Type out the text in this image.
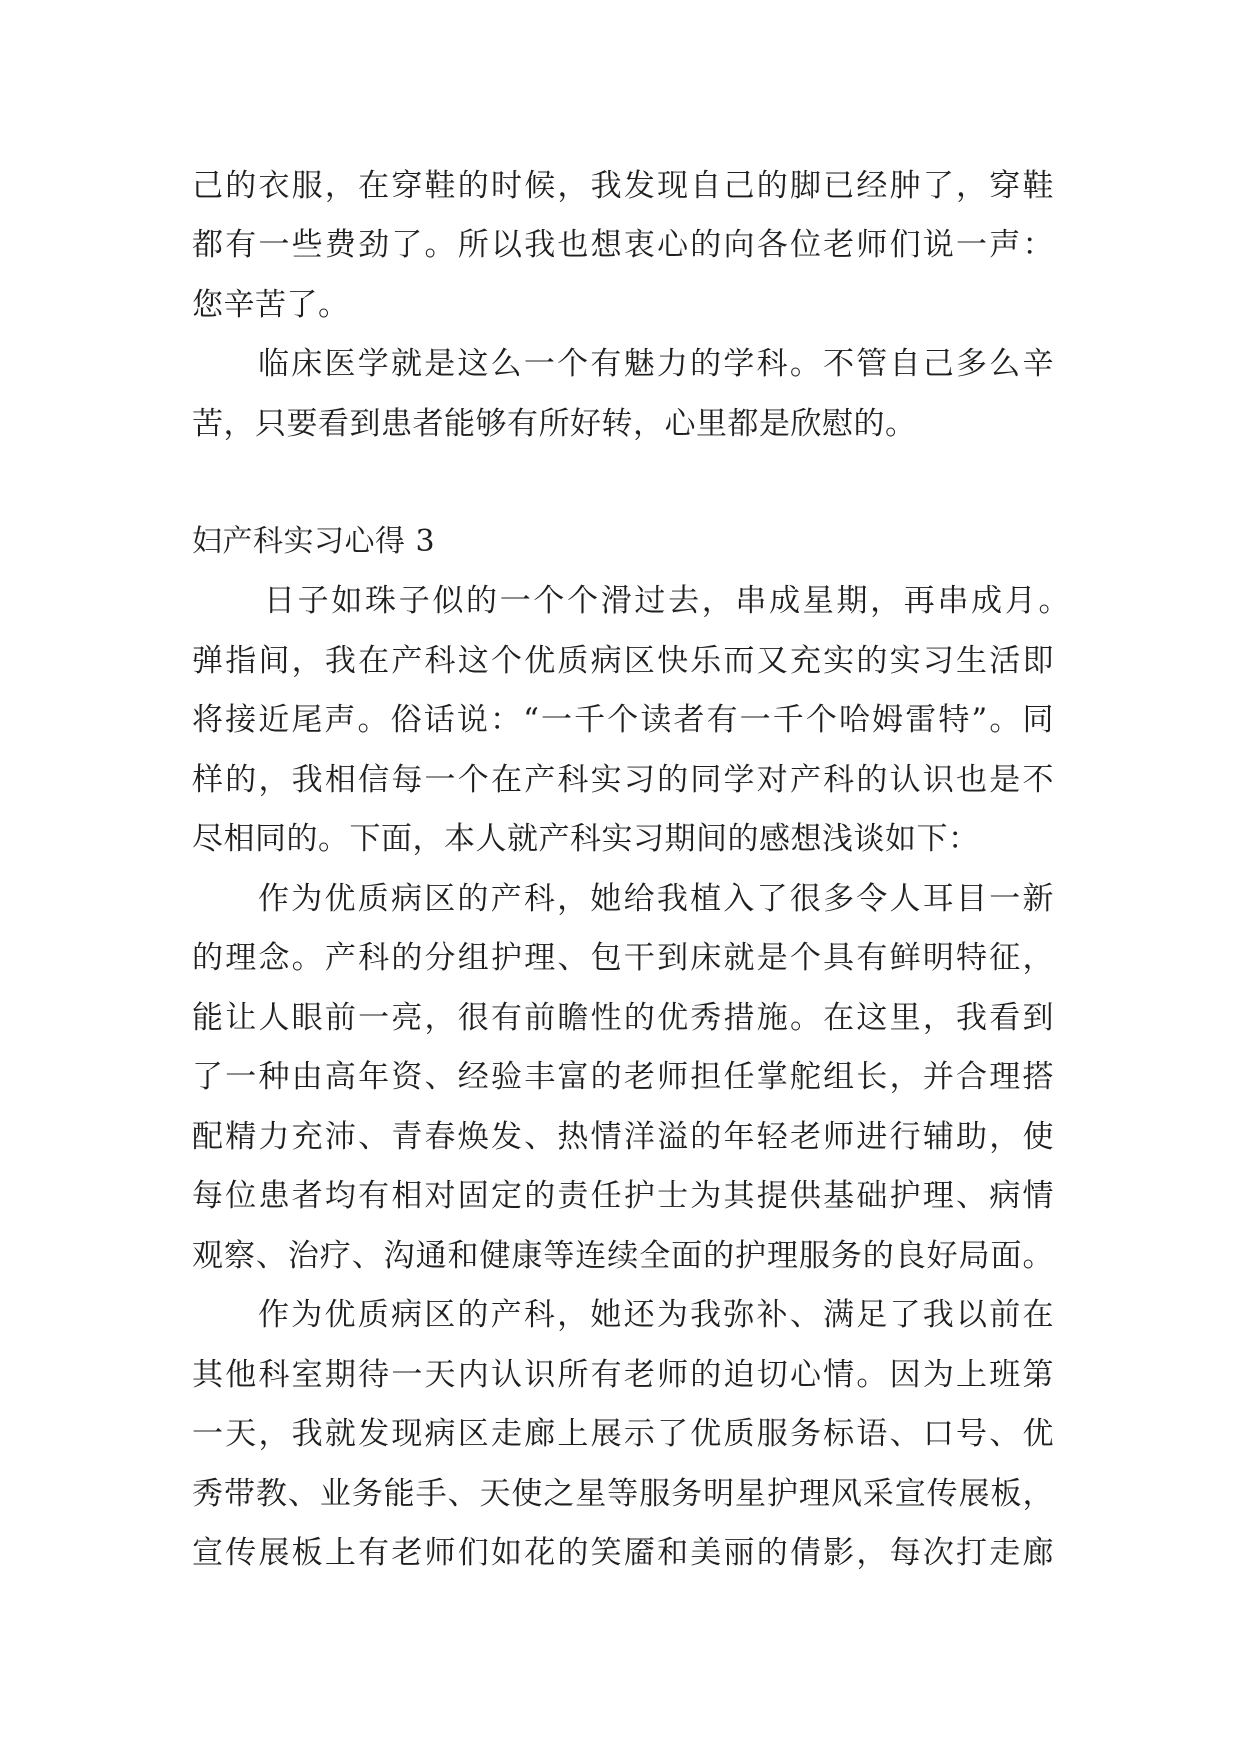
己的衣服，在穿鞋的时候，我发现自己的脚已经肿了，穿鞋

都有一些费劲了。所以我也想衷心的向各位老师们说一声：

您辛苦了。

临床医学就是这么一个有魅力的学科。不管自己多么辛

苦，只要看到患者能够有所好转，心里都是欣慰的。

妇产科实习心得 3

日子如珠子似的一个个滑过去，串成星期，再串成月。

弹指间，我在产科这个优质病区快乐而又充实的实习生活即

将接近尾声。俗话说：“一千个读者有一千个哈姆雷特”。同

样的，我相信每一个在产科实习的同学对产科的认识也是不

尽相同的。下面，本人就产科实习期间的感想浅谈如下：

作为优质病区的产科，她给我植入了很多令人耳目一新

的理念。产科的分组护理、包干到床就是个具有鲜明特征，

能让人眼前一亮，很有前瞻性的优秀措施。在这里，我看到

了一种由高年资、经验丰富的老师担任掌舵组长，并合理搭

配精力充沛、青春焕发、热情洋溢的年轻老师进行辅助，使

每位患者均有相对固定的责任护士为其提供基础护理、病情

观察、治疗、沟通和健康等连续全面的护理服务的良好局面。

作为优质病区的产科，她还为我弥补、满足了我以前在

其他科室期待一天内认识所有老师的迫切心情。因为上班第

一天，我就发现病区走廊上展示了优质服务标语、口号、优

秀带教、业务能手、天使之星等服务明星护理风采宣传展板，

宣传展板上有老师们如花的笑靥和美丽的倩影，每次打走廊
